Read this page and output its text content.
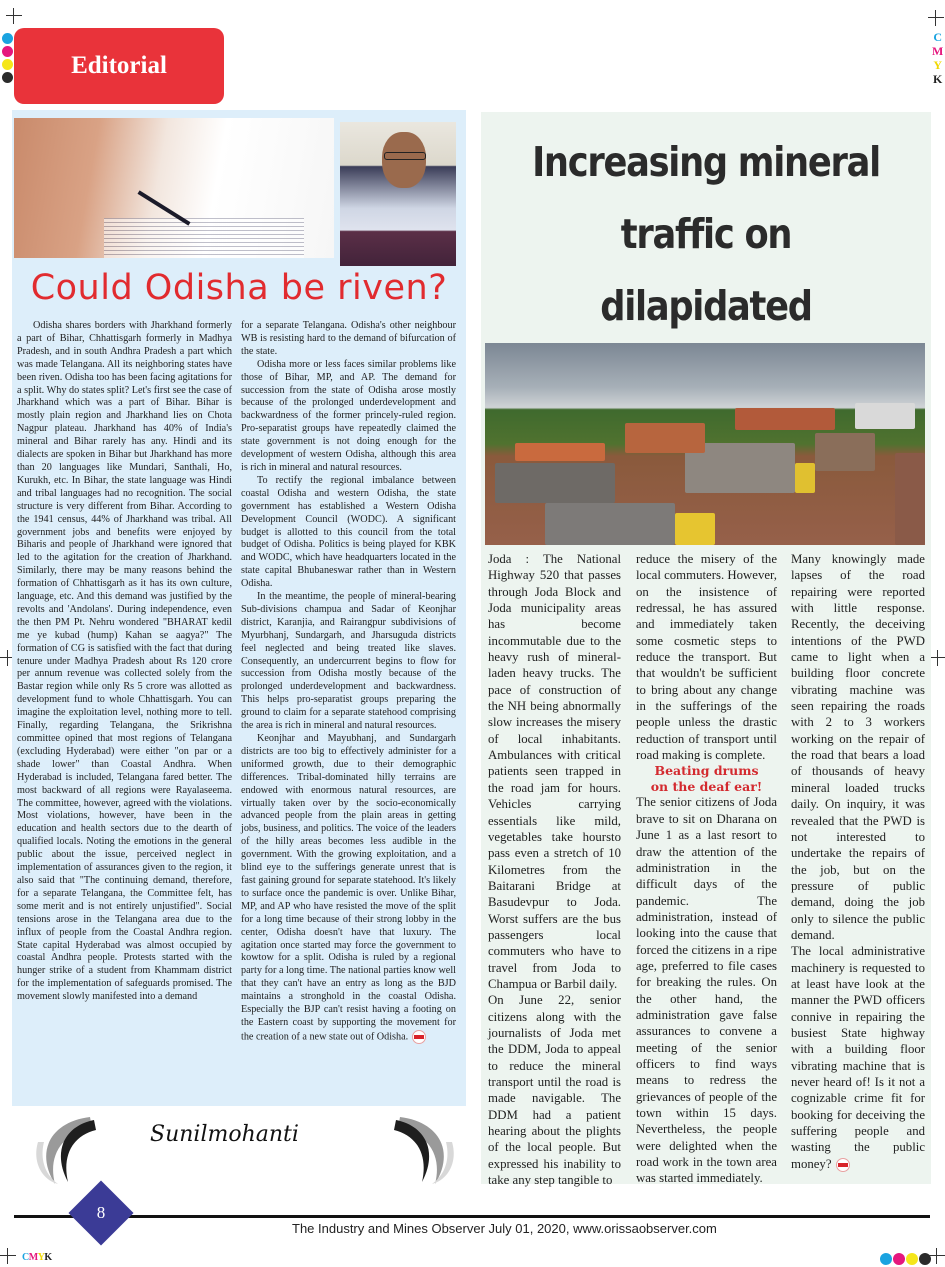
C
M
Y
K
Editorial
Could Odisha be riven?

Odisha shares borders with Jharkhand formerly a part of Bihar, Chhattisgarh formerly in Madhya Pradesh, and in south Andhra Pradesh a part which was made Telangana. All its neighboring states have been riven. Odisha too has been facing agitations for a split. Why do states split? Let's first see the case of Jharkhand which was a part of Bihar. Bihar is mostly plain region and Jharkhand lies on Chota Nagpur plateau. Jharkhand has 40% of India's mineral and Bihar rarely has any. Hindi and its dialects are spoken in Bihar but Jharkhand has more than 20 languages like Mundari, Santhali, Ho, Kurukh, etc. In Bihar, the state language was Hindi and tribal languages had no recognition. The social structure is very different from Bihar. According to the 1941 census, 44% of Jharkhand was tribal. All government jobs and benefits were enjoyed by Biharis and people of Jharkhand were ignored that led to the agitation for the creation of Jharkhand. Similarly, there may be many reasons behind the formation of Chhattisgarh as it has its own culture, language, etc. And this demand was justified by the revolts and 'Andolans'. During independence, even the then PM Pt. Nehru wondered "BHARAT kedil me ye kubad (hump) Kahan se aagya?" The formation of CG is satisfied with the fact that during tenure under Madhya Pradesh about Rs 120 crore per annum revenue was collected solely from the Bastar region while only Rs 5 crore was allotted as development fund to whole Chhattisgarh. You can imagine the exploitation level, nothing more to tell. Finally, regarding Telangana, the Srikrishna committee opined that most regions of Telangana (excluding Hyderabad) were either "on par or a shade lower" than Coastal Andhra. When Hyderabad is included, Telangana fared better. The most backward of all regions were Rayalaseema. The committee, however, agreed with the violations. Most violations, however, have been in the education and health sectors due to the dearth of qualified locals. Noting the emotions in the general public about the issue, perceived neglect in implementation of assurances given to the region, it also said that "The continuing demand, therefore, for a separate Telangana, the Committee felt, has some merit and is not entirely unjustified". Social tensions arose in the Telangana area due to the influx of people from the Coastal Andhra region. State capital Hyderabad was almost occupied by coastal Andhra people. Protests started with the hunger strike of a student from Khammam district for the implementation of safeguards promised. The movement slowly manifested into a demand

for a separate Telangana. Odisha's other neighbour WB is resisting hard to the demand of bifurcation of the state.

Odisha more or less faces similar problems like those of Bihar, MP, and AP. The demand for succession from the state of Odisha arose mostly because of the prolonged underdevelopment and backwardness of the former princely-ruled region. Pro-separatist groups have repeatedly claimed the state government is not doing enough for the development of western Odisha, although this area is rich in mineral and natural resources.

To rectify the regional imbalance between coastal Odisha and western Odisha, the state government has established a Western Odisha Development Council (WODC). A significant budget is allotted to this council from the total budget of Odisha. Politics is being played for KBK and WODC, which have headquarters located in the state capital Bhubaneswar rather than in Western Odisha.

In the meantime, the people of mineral-bearing Sub-divisions champua and Sadar of Keonjhar district, Karanjia, and Rairangpur subdivisions of Myurbhanj, Sundargarh, and Jharsuguda districts feel neglected and being treated like slaves. Consequently, an undercurrent begins to flow for succession from Odisha mostly because of the prolonged underdevelopment and backwardness. This helps pro-separatist groups preparing the ground to claim for a separate statehood comprising the area is rich in mineral and natural resources.

Keonjhar and Mayubhanj, and Sundargarh districts are too big to effectively administer for a uniformed growth, due to their demographic differences. Tribal-dominated hilly terrains are endowed with enormous natural resources, are virtually taken over by the socio-economically advanced people from the plain areas in getting jobs, business, and politics. The voice of the leaders of the hilly areas becomes less audible in the government. With the growing exploitation, and a blind eye to the sufferings generate unrest that is fast gaining ground for separate statehood. It's likely to surface once the pandemic is over. Unlike Bihar, MP, and AP who have resisted the move of the split for a long time because of their strong lobby in the center, Odisha doesn't have that luxury. The agitation once started may force the government to kowtow for a split. Odisha is ruled by a regional party for a long time. The national parties know well that they can't have an entry as long as the BJD maintains a stronghold in the coastal Odisha. Especially the BJP can't resist having a footing on the Eastern coast by supporting the movement for the creation of a new state out of Odisha.

Sunilmohanti
Increasing mineral
traffic on dilapidated

Joda : The National Highway 520 that passes through Joda Block and Joda municipality areas has become incommutable due to the heavy rush of mineral-laden heavy trucks. The pace of construction of the NH being abnormally slow increases the misery of local inhabitants. Ambulances with critical patients seen trapped in the road jam for hours. Vehicles carrying essentials like mild, vegetables take hoursto pass even a stretch of 10 Kilometres from the Baitarani Bridge at Basudevpur to Joda. Worst suffers are the bus passengers local commuters who have to travel from Joda to Champua or Barbil daily.

On June 22, senior citizens along with the journalists of Joda met the DDM, Joda to appeal to reduce the mineral transport until the road is made navigable. The DDM had a patient hearing about the plights of the local people. But expressed his inability to take any step tangible to

reduce the misery of the local commuters. However, on the insistence of redressal, he has assured and immediately taken some cosmetic steps to reduce the transport. But that wouldn't be sufficient to bring about any change in the sufferings of the people unless the drastic reduction of transport until road making is complete.

Beating drums
on the deaf ear!

The senior citizens of Joda brave to sit on Dharana on June 1 as a last resort to draw the attention of the administration in the difficult days of the pandemic. The administration, instead of looking into the cause that forced the citizens in a ripe age, preferred to file cases for breaking the rules. On the other hand, the administration gave false assurances to convene a meeting of the senior officers to find ways means to redress the grievances of people of the town within 15 days. Nevertheless, the people were delighted when the road work in the town area was started immediately.

Many knowingly made lapses of the road repairing were reported with little response. Recently, the deceiving intentions of the PWD came to light when a building floor concrete vibrating machine was seen repairing the roads with 2 to 3 workers working on the repair of the road that bears a load of thousands of heavy mineral loaded trucks daily. On inquiry, it was revealed that the PWD is not interested to undertake the repairs of the job, but on the pressure of public demand, doing the job only to silence the public demand.

The local administrative machinery is requested to at least have look at the manner the PWD officers connive in repairing the busiest State highway with a building floor vibrating machine that is never heard of! Is it not a cognizable crime fit for booking for deceiving the suffering people and wasting the public money?

8
The Industry and Mines Observer July 01, 2020, www.orissaobserver.com
CMYK
